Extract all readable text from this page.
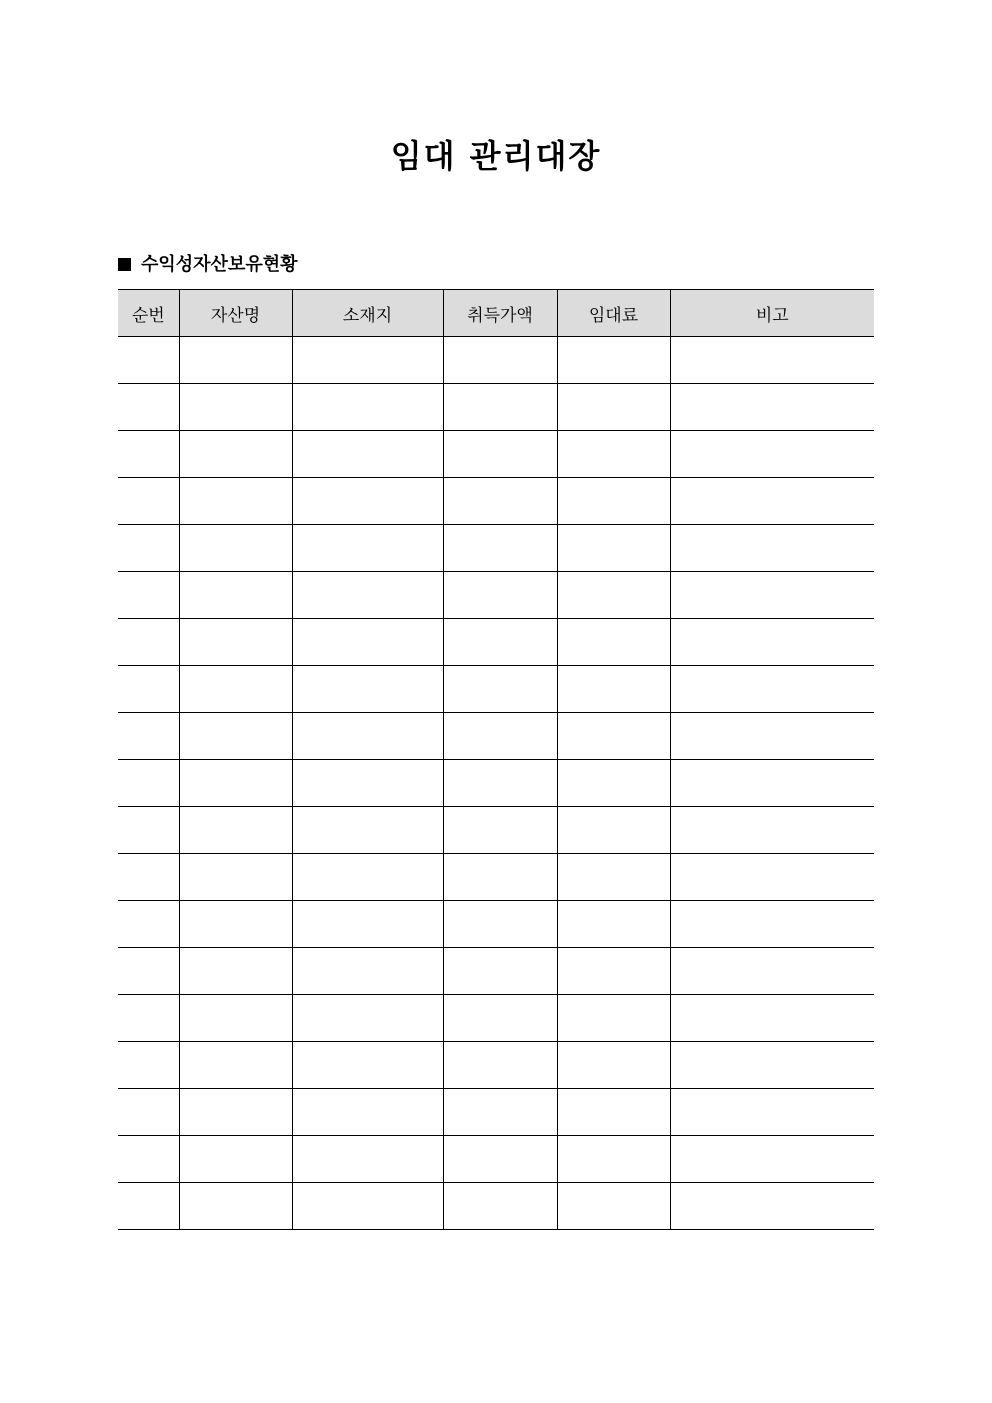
임대 관리대장
수익성자산보유현황
순번	자산명	소재지	취득가액	임대료	비고
